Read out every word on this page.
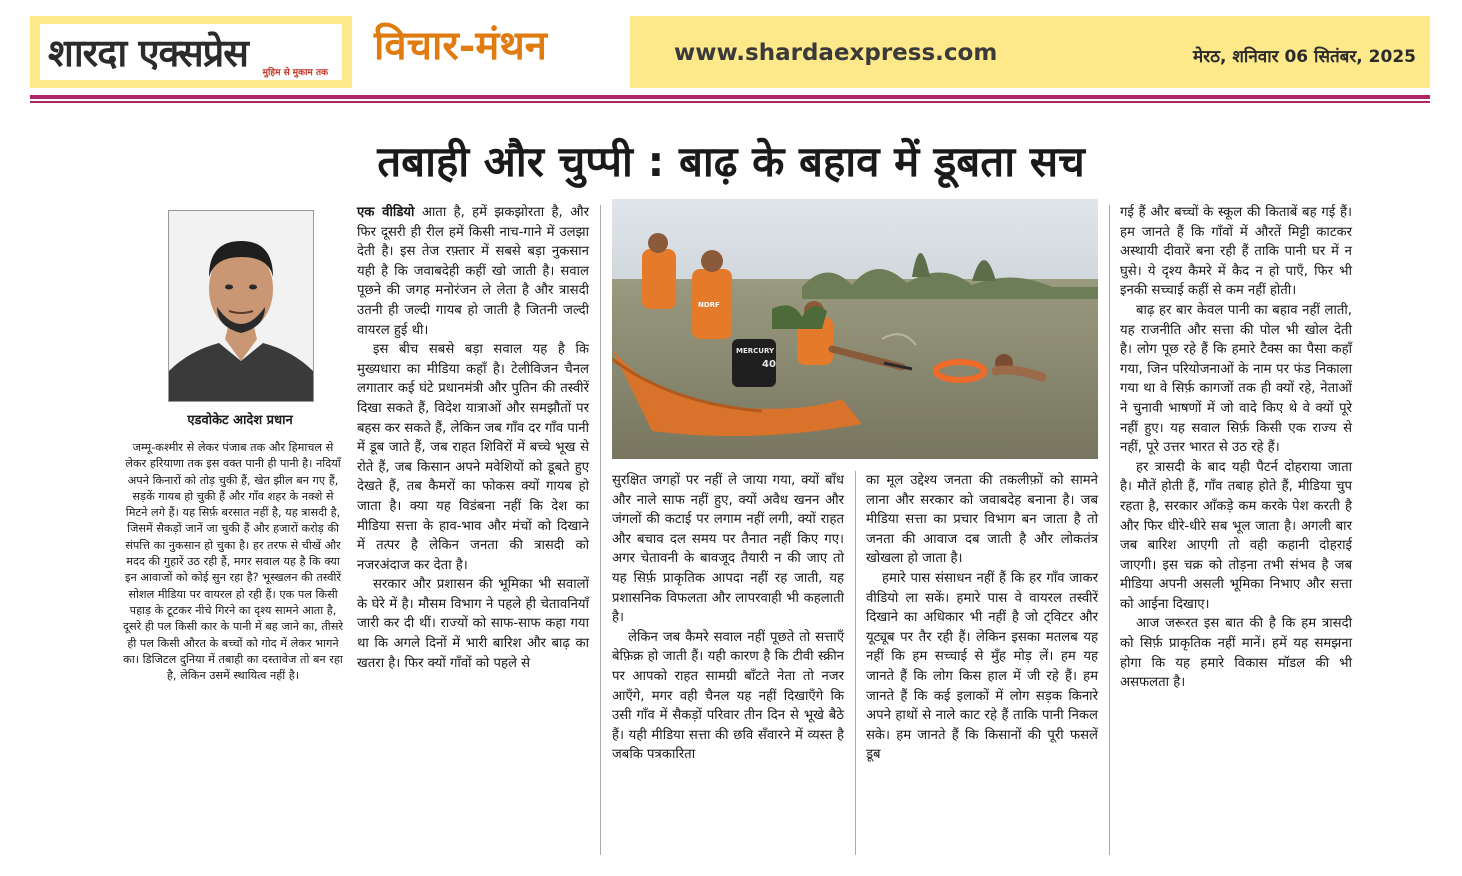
शारदा एक्सप्रेस मुहिम से मुकाम तक
विचार-मंथन	www.shardaexpress.com	मेरठ, शनिवार 06 सितंबर, 2025
तबाही और चुप्पी : बाढ़ के बहाव में डूबता सच
एडवोकेट आदेश प्रधान

जम्मू-कश्मीर से लेकर पंजाब तक और हिमाचल से लेकर हरियाणा तक इस वक्त पानी ही पानी है। नदियाँ अपने किनारों को तोड़ चुकी हैं, खेत झील बन गए हैं, सड़कें गायब हो चुकी हैं और गाँव शहर के नक्शे से मिटने लगे हैं। यह सिर्फ़ बरसात नहीं है, यह त्रासदी है, जिसमें सैकड़ों जानें जा चुकी हैं और हजारों करोड़ की संपत्ति का नुकसान हो चुका है। हर तरफ से चीखें और मदद की गुहारें उठ रही हैं, मगर सवाल यह है कि क्या इन आवाजों को कोई सुन रहा है? भूस्खलन की तस्वीरें सोशल मीडिया पर वायरल हो रही हैं। एक पल किसी पहाड़ के टूटकर नीचे गिरने का दृश्य सामने आता है, दूसरे ही पल किसी कार के पानी में बह जाने का, तीसरे ही पल किसी औरत के बच्चों को गोद में लेकर भागने का। डिजिटल दुनिया में तबाही का दस्तावेज तो बन रहा है, लेकिन उसमें स्थायित्व नहीं है।

एक वीडियो आता है, हमें झकझोरता है, और फिर दूसरी ही रील हमें किसी नाच-गाने में उलझा देती है। इस तेज रफ़्तार में सबसे बड़ा नुकसान यही है कि जवाबदेही कहीं खो जाती है। सवाल पूछने की जगह मनोरंजन ले लेता है और त्रासदी उतनी ही जल्दी गायब हो जाती है जितनी जल्दी वायरल हुई थी।

इस बीच सबसे बड़ा सवाल यह है कि मुख्यधारा का मीडिया कहाँ है। टेलीविजन चैनल लगातार कई घंटे प्रधानमंत्री और पुतिन की तस्वीरें दिखा सकते हैं, विदेश यात्राओं और समझौतों पर बहस कर सकते हैं, लेकिन जब गाँव दर गाँव पानी में डूब जाते हैं, जब राहत शिविरों में बच्चे भूख से रोते हैं, जब किसान अपने मवेशियों को डूबते हुए देखते हैं, तब कैमरों का फोकस क्यों गायब हो जाता है। क्या यह विडंबना नहीं कि देश का मीडिया सत्ता के हाव-भाव और मंचों को दिखाने में तत्पर है लेकिन जनता की त्रासदी को नजरअंदाज कर देता है।

सरकार और प्रशासन की भूमिका भी सवालों के घेरे में है। मौसम विभाग ने पहले ही चेतावनियाँ जारी कर दी थीं। राज्यों को साफ-साफ कहा गया था कि अगले दिनों में भारी बारिश और बाढ़ का खतरा है। फिर क्यों गाँवों को पहले से

MERCURY
40
NDRF

सुरक्षित जगहों पर नहीं ले जाया गया, क्यों बाँध और नाले साफ नहीं हुए, क्यों अवैध खनन और जंगलों की कटाई पर लगाम नहीं लगी, क्यों राहत और बचाव दल समय पर तैनात नहीं किए गए। अगर चेतावनी के बावजूद तैयारी न की जाए तो यह सिर्फ़ प्राकृतिक आपदा नहीं रह जाती, यह प्रशासनिक विफलता और लापरवाही भी कहलाती है।

लेकिन जब कैमरे सवाल नहीं पूछते तो सत्ताएँ बेफ़िक्र हो जाती हैं। यही कारण है कि टीवी स्क्रीन पर आपको राहत सामग्री बाँटते नेता तो नजर आएँगे, मगर वही चैनल यह नहीं दिखाएँगे कि उसी गाँव में सैकड़ों परिवार तीन दिन से भूखे बैठे हैं। यही मीडिया सत्ता की छवि सँवारने में व्यस्त है जबकि पत्रकारिता

का मूल उद्देश्य जनता की तकलीफ़ों को सामने लाना और सरकार को जवाबदेह बनाना है। जब मीडिया सत्ता का प्रचार विभाग बन जाता है तो जनता की आवाज दब जाती है और लोकतंत्र खोखला हो जाता है।

हमारे पास संसाधन नहीं हैं कि हर गाँव जाकर वीडियो ला सकें। हमारे पास वे वायरल तस्वीरें दिखाने का अधिकार भी नहीं है जो ट्विटर और यूट्यूब पर तैर रही हैं। लेकिन इसका मतलब यह नहीं कि हम सच्चाई से मुँह मोड़ लें। हम यह जानते हैं कि लोग किस हाल में जी रहे हैं। हम जानते हैं कि कई इलाकों में लोग सड़क किनारे अपने हाथों से नाले काट रहे हैं ताकि पानी निकल सके। हम जानते हैं कि किसानों की पूरी फसलें डूब

गई हैं और बच्चों के स्कूल की किताबें बह गई हैं। हम जानते हैं कि गाँवों में औरतें मिट्टी काटकर अस्थायी दीवारें बना रही हैं ताकि पानी घर में न घुसे। ये दृश्य कैमरे में कैद न हो पाएँ, फिर भी इनकी सच्चाई कहीं से कम नहीं होती।

बाढ़ हर बार केवल पानी का बहाव नहीं लाती, यह राजनीति और सत्ता की पोल भी खोल देती है। लोग पूछ रहे हैं कि हमारे टैक्स का पैसा कहाँ गया, जिन परियोजनाओं के नाम पर फंड निकाला गया था वे सिर्फ़ कागजों तक ही क्यों रहे, नेताओं ने चुनावी भाषणों में जो वादे किए थे वे क्यों पूरे नहीं हुए। यह सवाल सिर्फ़ किसी एक राज्य से नहीं, पूरे उत्तर भारत से उठ रहे हैं।

हर त्रासदी के बाद यही पैटर्न दोहराया जाता है। मौतें होती हैं, गाँव तबाह होते हैं, मीडिया चुप रहता है, सरकार आँकड़े कम करके पेश करती है और फिर धीरे-धीरे सब भूल जाता है। अगली बार जब बारिश आएगी तो वही कहानी दोहराई जाएगी। इस चक्र को तोड़ना तभी संभव है जब मीडिया अपनी असली भूमिका निभाए और सत्ता को आईना दिखाए।

आज जरूरत इस बात की है कि हम त्रासदी को सिर्फ़ प्राकृतिक नहीं मानें। हमें यह समझना होगा कि यह हमारे विकास मॉडल की भी असफलता है।
